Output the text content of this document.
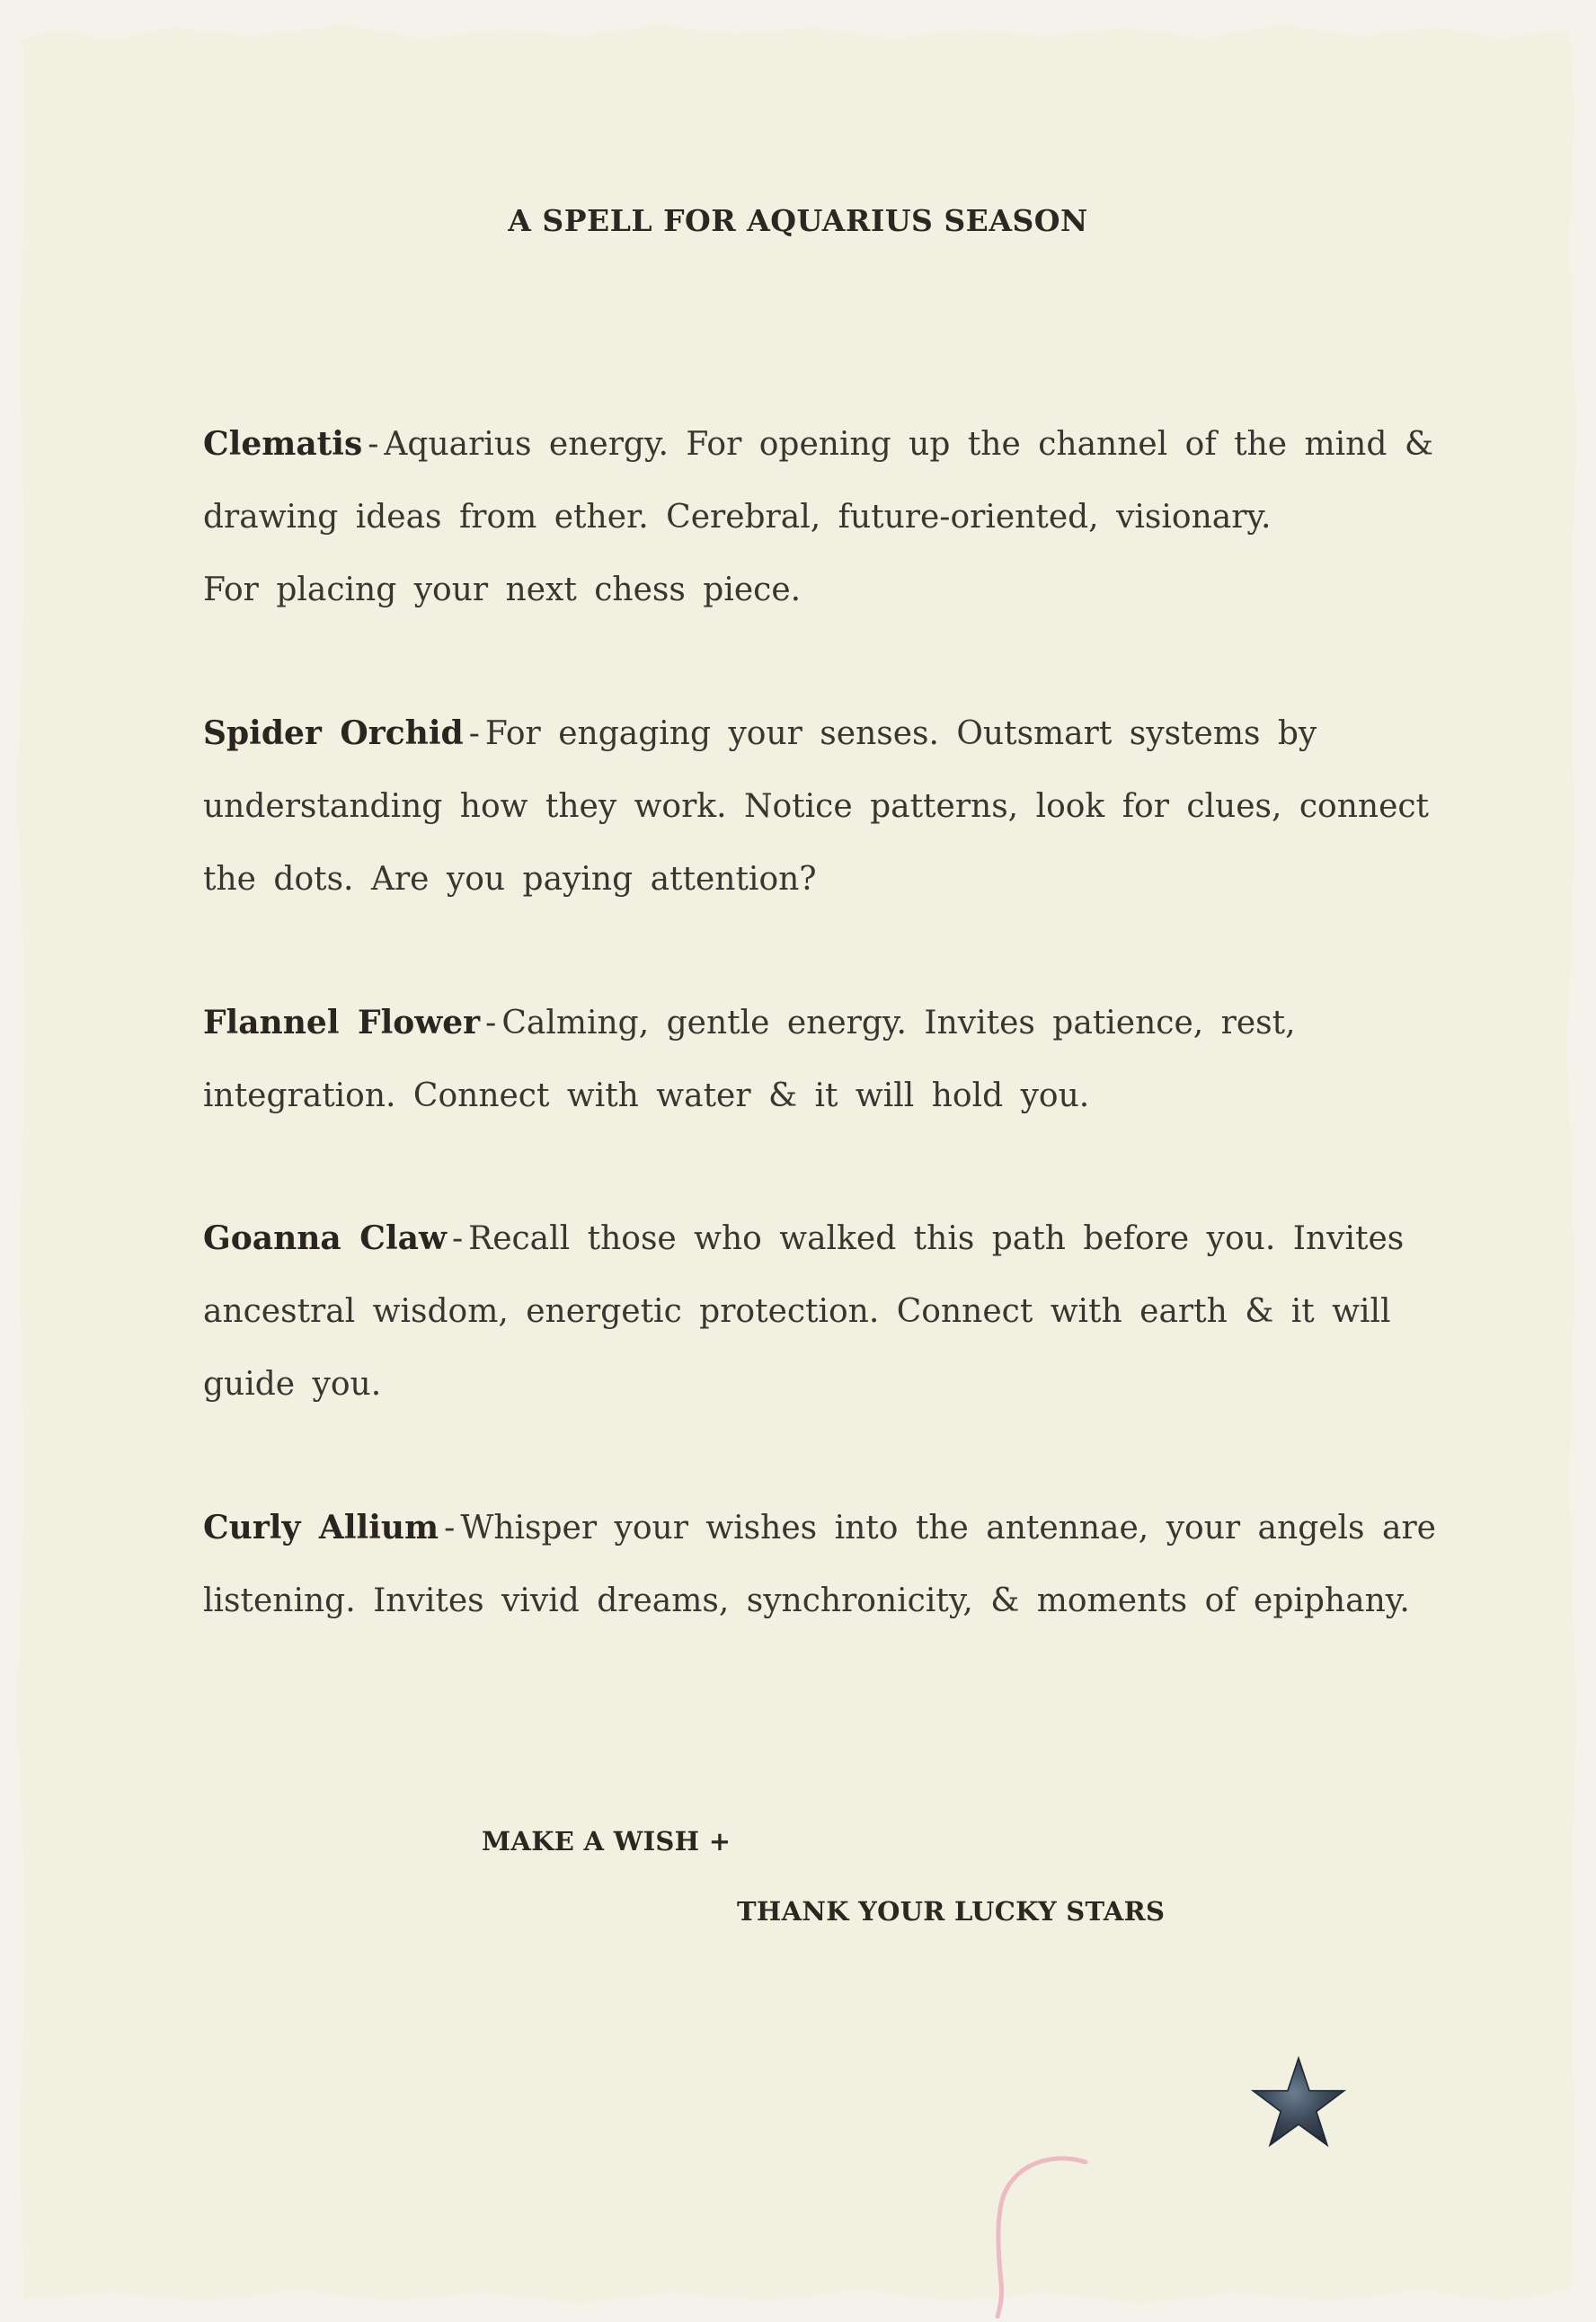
A SPELL FOR AQUARIUS SEASON
Clematis - Aquarius energy. For opening up the channel of the mind &
drawing ideas from ether. Cerebral, future-oriented, visionary.
For placing your next chess piece.
Spider Orchid - For engaging your senses. Outsmart systems by
understanding how they work. Notice patterns, look for clues, connect
the dots. Are you paying attention?
Flannel Flower - Calming, gentle energy. Invites patience, rest,
integration. Connect with water & it will hold you.
Goanna Claw - Recall those who walked this path before you. Invites
ancestral wisdom, energetic protection. Connect with earth & it will
guide you.
Curly Allium - Whisper your wishes into the antennae, your angels are
listening. Invites vivid dreams, synchronicity, & moments of epiphany.
MAKE A WISH +
THANK YOUR LUCKY STARS
